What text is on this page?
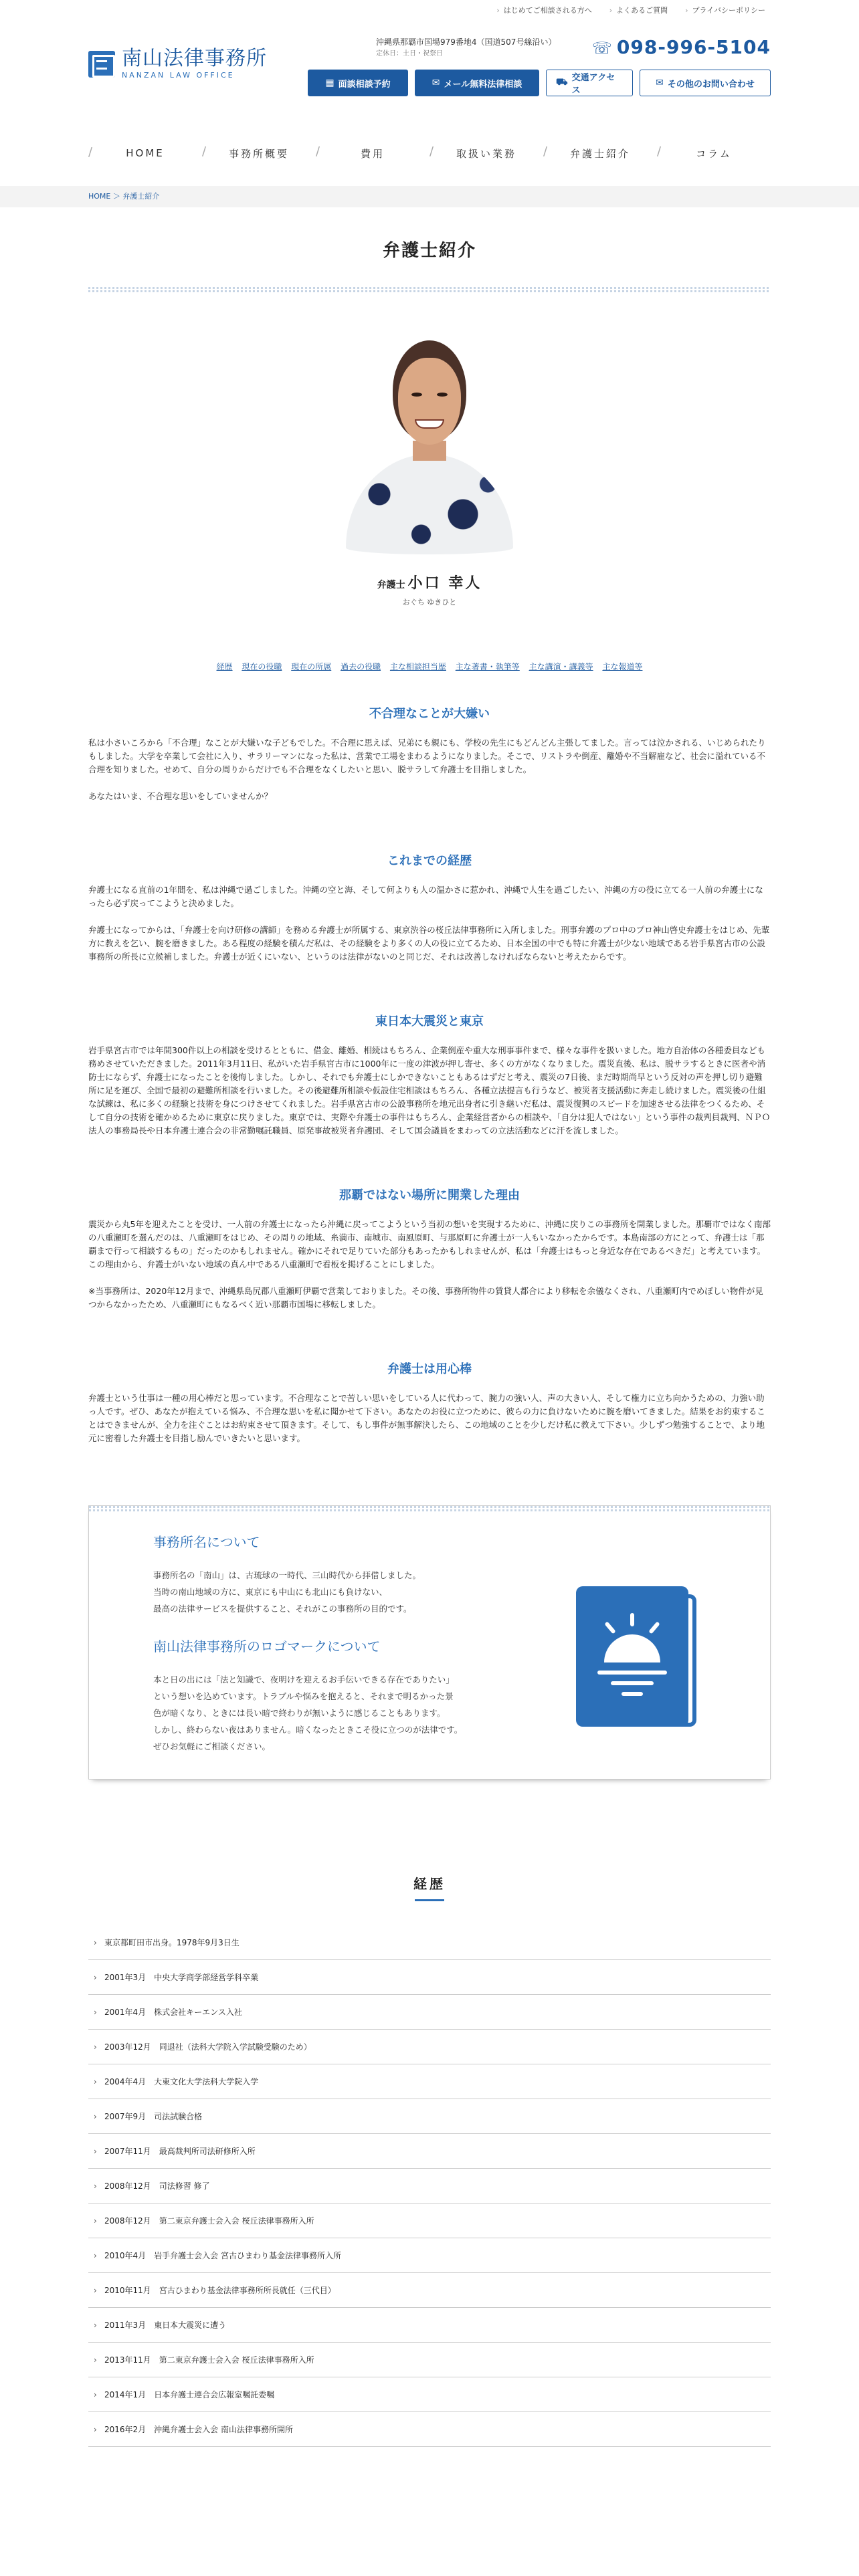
› はじめてご相談される方へ	› よくあるご質問	› プライバシーポリシー
南山法律事務所
NANZAN LAW OFFICE
沖縄県那覇市国場979番地4（国道507号線沿い）
定休日：土日・祝祭日	☏ 098-996-5104
▦ 面談相談予約	✉ メール無料法律相談	⛟ 交通アクセス
✉ その他のお問い合わせ
/ HOME	/ 事務所概要	/ 費用	/ 取扱い業務	/ 弁護士紹介	/ コラム
HOME ＞ 弁護士紹介
弁護士紹介
弁護士 小口 幸人
おぐち ゆきひと
経歴 現在の役職 現在の所属 過去の役職 主な相談担当歴 主な著書・執筆等 主な講演・講義等 主な報道等
不合理なことが大嫌い

私は小さいころから「不合理」なことが大嫌いな子どもでした。不合理に思えば、兄弟にも親にも、学校の先生にもどんどん主張してました。言っては泣かされる、いじめられたりもしました。大学を卒業して会社に入り、サラリーマンになった私は、営業で工場をまわるようになりました。そこで、リストラや倒産、離婚や不当解雇など、社会に溢れている不合理を知りました。せめて、自分の周りからだけでも不合理をなくしたいと思い、脱サラして弁護士を目指しました。

あなたはいま、不合理な思いをしていませんか？

これまでの経歴

弁護士になる直前の1年間を、私は沖縄で過ごしました。沖縄の空と海、そして何よりも人の温かさに惹かれ、沖縄で人生を過ごしたい、沖縄の方の役に立てる一人前の弁護士になったら必ず戻ってこようと決めました。

弁護士になってからは、「弁護士を向け研修の講師」を務める弁護士が所属する、東京渋谷の桜丘法律事務所に入所しました。刑事弁護のプロ中のプロ神山啓史弁護士をはじめ、先輩方に教えを乞い、腕を磨きました。ある程度の経験を積んだ私は、その経験をより多くの人の役に立てるため、日本全国の中でも特に弁護士が少ない地域である岩手県宮古市の公設事務所の所長に立候補しました。弁護士が近くにいない、というのは法律がないのと同じだ、それは改善しなければならないと考えたからです。

東日本大震災と東京

岩手県宮古市では年間300件以上の相談を受けるとともに、借金、離婚、相続はもちろん、企業倒産や重大な刑事事件まで、様々な事件を扱いました。地方自治体の各種委員なども務めさせていただきました。2011年3月11日、私がいた岩手県宮古市に1000年に一度の津波が押し寄せ、多くの方がなくなりました。震災直後、私は、脱サラするときに医者や消防士にならず、弁護士になったことを後悔しました。しかし、それでも弁護士にしかできないこともあるはずだと考え、震災の7日後、まだ時期尚早という反対の声を押し切り避難所に足を運び、全国で最初の避難所相談を行いました。その後避難所相談や仮設住宅相談はもちろん、各種立法提言も行うなど、被災者支援活動に奔走し続けました。震災後の仕組な試練は、私に多くの経験と技術を身につけさせてくれました。岩手県宮古市の公設事務所を地元出身者に引き継いだ私は、震災復興のスピードを加速させる法律をつくるため、そして自分の技術を確かめるために東京に戻りました。東京では、実際や弁護士の事件はもちろん、企業経営者からの相談や、「自分は犯人ではない」という事件の裁判員裁判、ＮＰＯ法人の事務局長や日本弁護士連合会の非常勤嘱託職員、原発事故被災者弁護団、そして国会議員をまわっての立法活動などに汗を流しました。

那覇ではない場所に開業した理由

震災から丸5年を迎えたことを受け、一人前の弁護士になったら沖縄に戻ってこようという当初の想いを実現するために、沖縄に戻りこの事務所を開業しました。那覇市ではなく南部の八重瀬町を選んだのは、八重瀬町をはじめ、その周りの地域、糸満市、南城市、南風原町、与那原町に弁護士が一人もいなかったからです。本島南部の方にとって、弁護士は「那覇まで行って相談するもの」だったのかもしれません。確かにそれで足りていた部分もあったかもしれませんが、私は「弁護士はもっと身近な存在であるべきだ」と考えています。この理由から、弁護士がいない地域の真ん中である八重瀬町で看板を掲げることにしました。

※当事務所は、2020年12月まで、沖縄県島尻郡八重瀬町伊覇で営業しておりました。その後、事務所物件の賃貸人都合により移転を余儀なくされ、八重瀬町内でめぼしい物件が見つからなかったため、八重瀬町にもなるべく近い那覇市国場に移転しました。

弁護士は用心棒

弁護士という仕事は一種の用心棒だと思っています。不合理なことで苦しい思いをしている人に代わって、腕力の強い人、声の大きい人、そして権力に立ち向かうための、力強い助っ人です。ぜひ、あなたが抱えている悩み、不合理な思いを私に聞かせて下さい。あなたのお役に立つために、彼らの力に負けないために腕を磨いてきました。結果をお約束することはできませんが、全力を注ぐことはお約束させて頂きます。そして、もし事件が無事解決したら、この地域のことを少しだけ私に教えて下さい。少しずつ勉強することで、より地元に密着した弁護士を目指し励んでいきたいと思います。

事務所名について

事務所名の「南山」は、古琉球の一時代、三山時代から拝借しました。
当時の南山地域の方に、東京にも中山にも北山にも負けない、
最高の法律サービスを提供すること、それがこの事務所の目的です。

南山法律事務所のロゴマークについて

本と日の出には「法と知識で、夜明けを迎えるお手伝いできる存在でありたい」
という想いを込めています。トラブルや悩みを抱えると、それまで明るかった景
色が暗くなり、ときには長い暗で終わりが無いように感じることもあります。
しかし、終わらない夜はありません。暗くなったときこそ役に立つのが法律です。
ぜひお気軽にご相談ください。

経歴
› 東京都町田市出身。1978年9月3日生
› 2001年3月　中央大学商学部経営学科卒業
› 2001年4月　株式会社キーエンス入社
› 2003年12月　同退社（法科大学院入学試験受験のため）
› 2004年4月　大東文化大学法科大学院入学
› 2007年9月　司法試験合格
› 2007年11月　最高裁判所司法研修所入所
› 2008年12月　司法修習 修了
› 2008年12月　第二東京弁護士会入会 桜丘法律事務所入所
› 2010年4月　岩手弁護士会入会 宮古ひまわり基金法律事務所入所
› 2010年11月　宮古ひまわり基金法律事務所所長就任（三代目）
› 2011年3月　東日本大震災に遭う
› 2013年11月　第二東京弁護士会入会 桜丘法律事務所入所
› 2014年1月　日本弁護士連合会広報室嘱託委嘱
› 2016年2月　沖縄弁護士会入会 南山法律事務所開所
